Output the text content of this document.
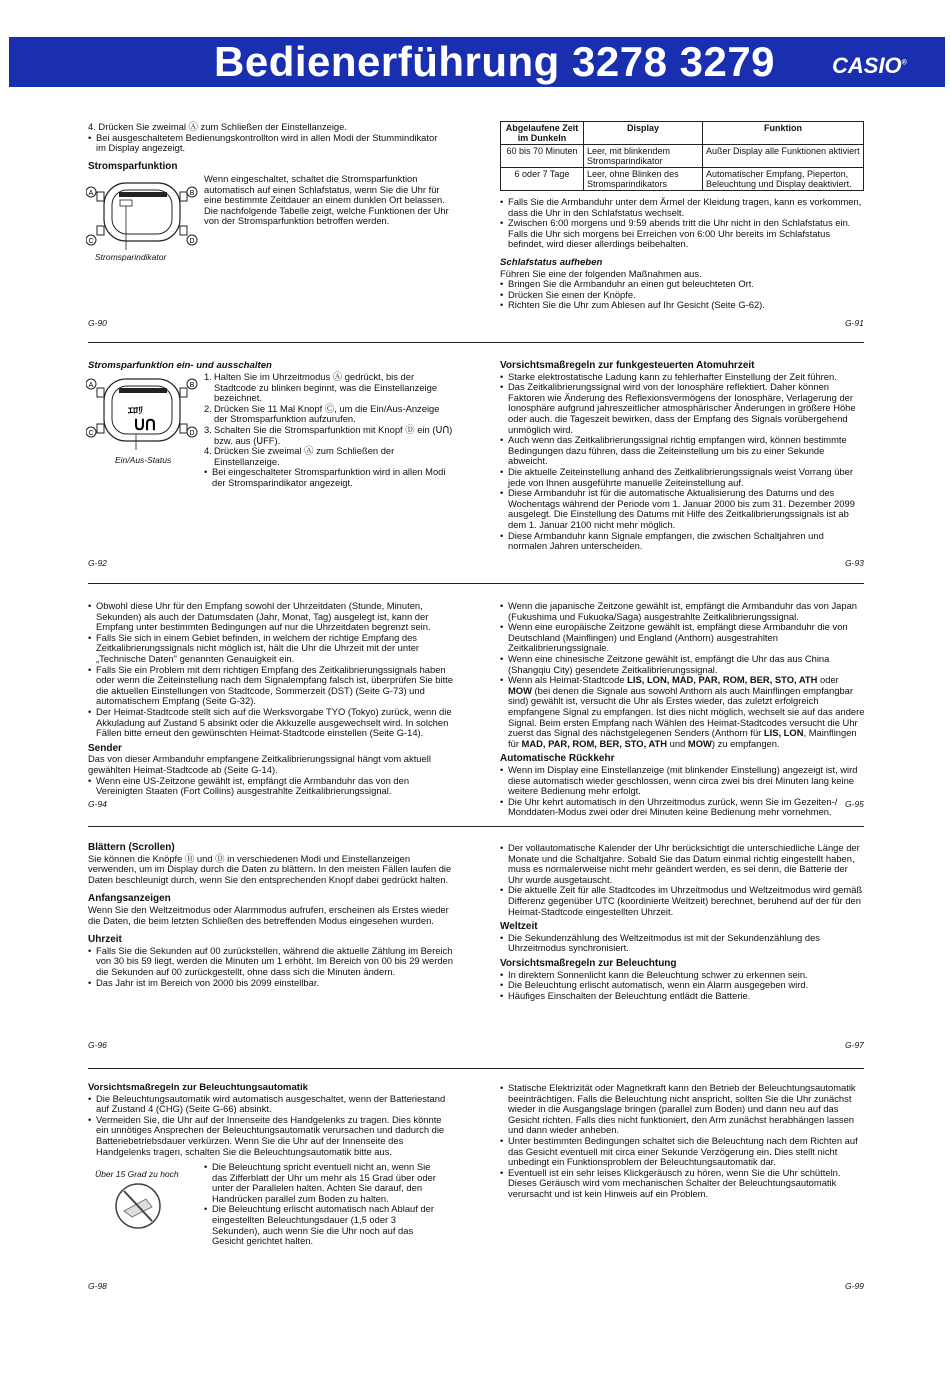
Bedienerführung 3278 3279	CASIO®

4. Drücken Sie zweimal Ⓐ zum Schließen der Einstellanzeige.

• Bei ausgeschaltetem Bedienungskontrollton wird in allen Modi der Stummindikator im Display angezeigt.

Stromsparfunktion

Wenn eingeschaltet, schaltet die Stromsparfunktion automatisch auf einen Schlafstatus, wenn Sie die Uhr für eine bestimmte Zeitdauer an einem dunklen Ort belassen. Die nachfolgende Tabelle zeigt, welche Funktionen der Uhr von der Stromsparfunktion betroffen werden.

A	B
C	D
Stromsparindikator
G-90
Abgelaufene Zeit im Dunkeln	Display	Funktion
60 bis 70 Minuten	Leer, mit blinkendem Stromsparindikator	Außer Display alle Funktionen aktiviert
6 oder 7 Tage	Leer, ohne Blinken des Stromsparindikators	Automatischer Empfang, Pieperton, Beleuchtung und Display deaktiviert.
• Falls Sie die Armbanduhr unter dem Ärmel der Kleidung tragen, kann es vorkommen, dass die Uhr in den Schlafstatus wechselt.
• Zwischen 6:00 morgens und 9:59 abends tritt die Uhr nicht in den Schlafstatus ein. Falls die Uhr sich morgens bei Erreichen von 6:00 Uhr bereits im Schlafstatus befindet, wird dieser allerdings beibehalten.

Schlafstatus aufheben

Führen Sie eine der folgenden Maßnahmen aus.

• Bringen Sie die Armbanduhr an einen gut beleuchteten Ort.
• Drücken Sie einen der Knöpfe.
• Richten Sie die Uhr zum Ablesen auf Ihr Gesicht (Seite G-62).
G-91

Stromsparfunktion ein- und ausschalten

1. Halten Sie im Uhrzeitmodus Ⓐ gedrückt, bis der Stadtcode zu blinken beginnt, was die Einstellanzeige bezeichnet.
2. Drücken Sie 11 Mal Knopf Ⓒ, um die Ein/Aus-Anzeige der Stromsparfunktion aufzurufen.
3. Schalten Sie die Stromsparfunktion mit Knopf Ⓓ ein (ᑌᑎ) bzw. aus (ᑌFF).
4. Drücken Sie zweimal Ⓐ zum Schließen der Einstellanzeige.
• Bei eingeschalteter Stromsparfunktion wird in allen Modi der Stromsparindikator angezeigt.
ｴﾛﾘ
ᑌᑎ
A	B
C	D
Ein/Aus-Status
G-92

Vorsichtsmaßregeln zur funkgesteuerten Atomuhrzeit

• Starke elektrostatische Ladung kann zu fehlerhafter Einstellung der Zeit führen.
• Das Zeitkalibrierungssignal wird von der Ionosphäre reflektiert. Daher können Faktoren wie Änderung des Reflexionsvermögens der Ionosphäre, Verlagerung der Ionosphäre aufgrund jahreszeitlicher atmosphärischer Änderungen in größere Höhe oder auch. die Tageszeit bewirken, dass der Empfang des Signals vorübergehend unmöglich wird.
• Auch wenn das Zeitkalibrierungssignal richtig empfangen wird, können bestimmte Bedingungen dazu führen, dass die Zeiteinstellung um bis zu einer Sekunde abweicht.
• Die aktuelle Zeiteinstellung anhand des Zeitkalibrierungssignals weist Vorrang über jede von Ihnen ausgeführte manuelle Zeiteinstellung auf.
• Diese Armbanduhr ist für die automatische Aktualisierung des Datums und des Wochentags während der Periode vom 1. Januar 2000 bis zum 31. Dezember 2099 ausgelegt. Die Einstellung des Datums mit Hilfe des Zeitkalibrierungssignals ist ab dem 1. Januar 2100 nicht mehr möglich.
• Diese Armbanduhr kann Signale empfangen, die zwischen Schaltjahren und normalen Jahren unterscheiden.
G-93
• Obwohl diese Uhr für den Empfang sowohl der Uhrzeitdaten (Stunde, Minuten, Sekunden) als auch der Datumsdaten (Jahr, Monat, Tag) ausgelegt ist, kann der Empfang unter bestimmten Bedingungen auf nur die Uhrzeitdaten begrenzt sein.
• Falls Sie sich in einem Gebiet befinden, in welchem der richtige Empfang des Zeitkalibrierungssignals nicht möglich ist, hält die Uhr die Uhrzeit mit der unter „Technische Daten" genannten Genauigkeit ein.
• Falls Sie ein Problem mit dem richtigen Empfang des Zeitkalibrierungssignals haben oder wenn die Zeiteinstellung nach dem Signalempfang falsch ist, überprüfen Sie bitte die aktuellen Einstellungen von Stadtcode, Sommerzeit (DST) (Seite G-73) und automatischem Empfang (Seite G-32).
• Der Heimat-Stadtcode stellt sich auf die Werksvorgabe TYO (Tokyo) zurück, wenn die Akkuladung auf Zustand 5 absinkt oder die Akkuzelle ausgewechselt wird. In solchen Fällen bitte erneut den gewünschten Heimat-Stadtcode einstellen (Seite G-14).

Sender

Das von dieser Armbanduhr empfangene Zeitkalibrierungssignal hängt vom aktuell gewählten Heimat-Stadtcode ab (Seite G-14).

• Wenn eine US-Zeitzone gewählt ist, empfängt die Armbanduhr das von den Vereinigten Staaten (Fort Collins) ausgestrahlte Zeitkalibrierungssignal.
G-94
• Wenn die japanische Zeitzone gewählt ist, empfängt die Armbanduhr das von Japan (Fukushima und Fukuoka/Saga) ausgestrahlte Zeitkalibrierungssignal.
• Wenn eine europäische Zeitzone gewählt ist, empfängt diese Armbanduhr die von Deutschland (Mainflingen) und England (Anthorn) ausgestrahlten Zeitkalibrierungssignale.
• Wenn eine chinesische Zeitzone gewählt ist, empfängt die Uhr das aus China (Shangqiu City) gesendete Zeitkalibrierungssignal.
• Wenn als Heimat-Stadtcode LIS, LON, MAD, PAR, ROM, BER, STO, ATH oder MOW (bei denen die Signale aus sowohl Anthorn als auch Mainflingen empfangbar sind) gewählt ist, versucht die Uhr als Erstes wieder, das zuletzt erfolgreich empfangene Signal zu empfangen. Ist dies nicht möglich, wechselt sie auf das andere Signal. Beim ersten Empfang nach Wählen des Heimat-Stadtcodes versucht die Uhr zuerst das Signal des nächstgelegenen Senders (Anthorn für LIS, LON, Mainflingen für MAD, PAR, ROM, BER, STO, ATH und MOW) zu empfangen.

Automatische Rückkehr

• Wenn im Display eine Einstellanzeige (mit blinkender Einstellung) angezeigt ist, wird diese automatisch wieder geschlossen, wenn circa zwei bis drei Minuten lang keine weitere Bedienung mehr erfolgt.
• Die Uhr kehrt automatisch in den Uhrzeitmodus zurück, wenn Sie im Gezeiten-/ Monddaten-Modus zwei oder drei Minuten keine Bedienung mehr vornehmen.
G-95

Blättern (Scrollen)

Sie können die Knöpfe Ⓑ und Ⓓ in verschiedenen Modi und Einstellanzeigen verwenden, um im Display durch die Daten zu blättern. In den meisten Fällen laufen die Daten beschleunigt durch, wenn Sie den entsprechenden Knopf dabei gedrückt halten.

Anfangsanzeigen

Wenn Sie den Weltzeitmodus oder Alarmmodus aufrufen, erscheinen als Erstes wieder die Daten, die beim letzten Schließen des betreffenden Modus eingesehen wurden.

Uhrzeit

• Falls Sie die Sekunden auf 00 zurückstellen, während die aktuelle Zählung im Bereich von 30 bis 59 liegt, werden die Minuten um 1 erhöht. Im Bereich von 00 bis 29 werden die Sekunden auf 00 zurückgestellt, ohne dass sich die Minuten ändern.
• Das Jahr ist im Bereich von 2000 bis 2099 einstellbar.
G-96
• Der vollautomatische Kalender der Uhr berücksichtigt die unterschiedliche Länge der Monate und die Schaltjahre. Sobald Sie das Datum einmal richtig eingestellt haben, muss es normalerweise nicht mehr geändert werden, es sei denn, die Batterie der Uhr wurde ausgetauscht.
• Die aktuelle Zeit für alle Stadtcodes im Uhrzeitmodus und Weltzeitmodus wird gemäß Differenz gegenüber UTC (koordinierte Weltzeit) berechnet, beruhend auf der für den Heimat-Stadtcode eingestellten Uhrzeit.

Weltzeit

• Die Sekundenzählung des Weltzeitmodus ist mit der Sekundenzählung des Uhrzeitmodus synchronisiert.

Vorsichtsmaßregeln zur Beleuchtung

• In direktem Sonnenlicht kann die Beleuchtung schwer zu erkennen sein.
• Die Beleuchtung erlischt automatisch, wenn ein Alarm ausgegeben wird.
• Häufiges Einschalten der Beleuchtung entlädt die Batterie.
G-97

Vorsichtsmaßregeln zur Beleuchtungsautomatik

• Die Beleuchtungsautomatik wird automatisch ausgeschaltet, wenn der Batteriestand auf Zustand 4 (CHG) (Seite G-66) absinkt.
• Vermeiden Sie, die Uhr auf der Innenseite des Handgelenks zu tragen. Dies könnte ein unnötiges Ansprechen der Beleuchtungsautomatik verursachen und dadurch die Batteriebetriebsdauer verkürzen. Wenn Sie die Uhr auf der Innenseite des Handgelenks tragen, schalten Sie die Beleuchtungsautomatik bitte aus.
Über 15 Grad zu hoch
• Die Beleuchtung spricht eventuell nicht an, wenn Sie das Zifferblatt der Uhr um mehr als 15 Grad über oder unter der Parallelen halten. Achten Sie darauf, den Handrücken parallel zum Boden zu halten.
• Die Beleuchtung erlischt automatisch nach Ablauf der eingestellten Beleuchtungsdauer (1,5 oder 3 Sekunden), auch wenn Sie die Uhr noch auf das Gesicht gerichtet halten.
G-98
• Statische Elektrizität oder Magnetkraft kann den Betrieb der Beleuchtungsautomatik beeinträchtigen. Falls die Beleuchtung nicht anspricht, sollten Sie die Uhr zunächst wieder in die Ausgangslage bringen (parallel zum Boden) und dann neu auf das Gesicht richten. Falls dies nicht funktioniert, den Arm zunächst herabhängen lassen und dann wieder anheben.
• Unter bestimmten Bedingungen schaltet sich die Beleuchtung nach dem Richten auf das Gesicht eventuell mit circa einer Sekunde Verzögerung ein. Dies stellt nicht unbedingt ein Funktionsproblem der Beleuchtungsautomatik dar.
• Eventuell ist ein sehr leises Klickgeräusch zu hören, wenn Sie die Uhr schütteln. Dieses Geräusch wird vom mechanischen Schalter der Beleuchtungsautomatik verursacht und ist kein Hinweis auf ein Problem.
G-99
